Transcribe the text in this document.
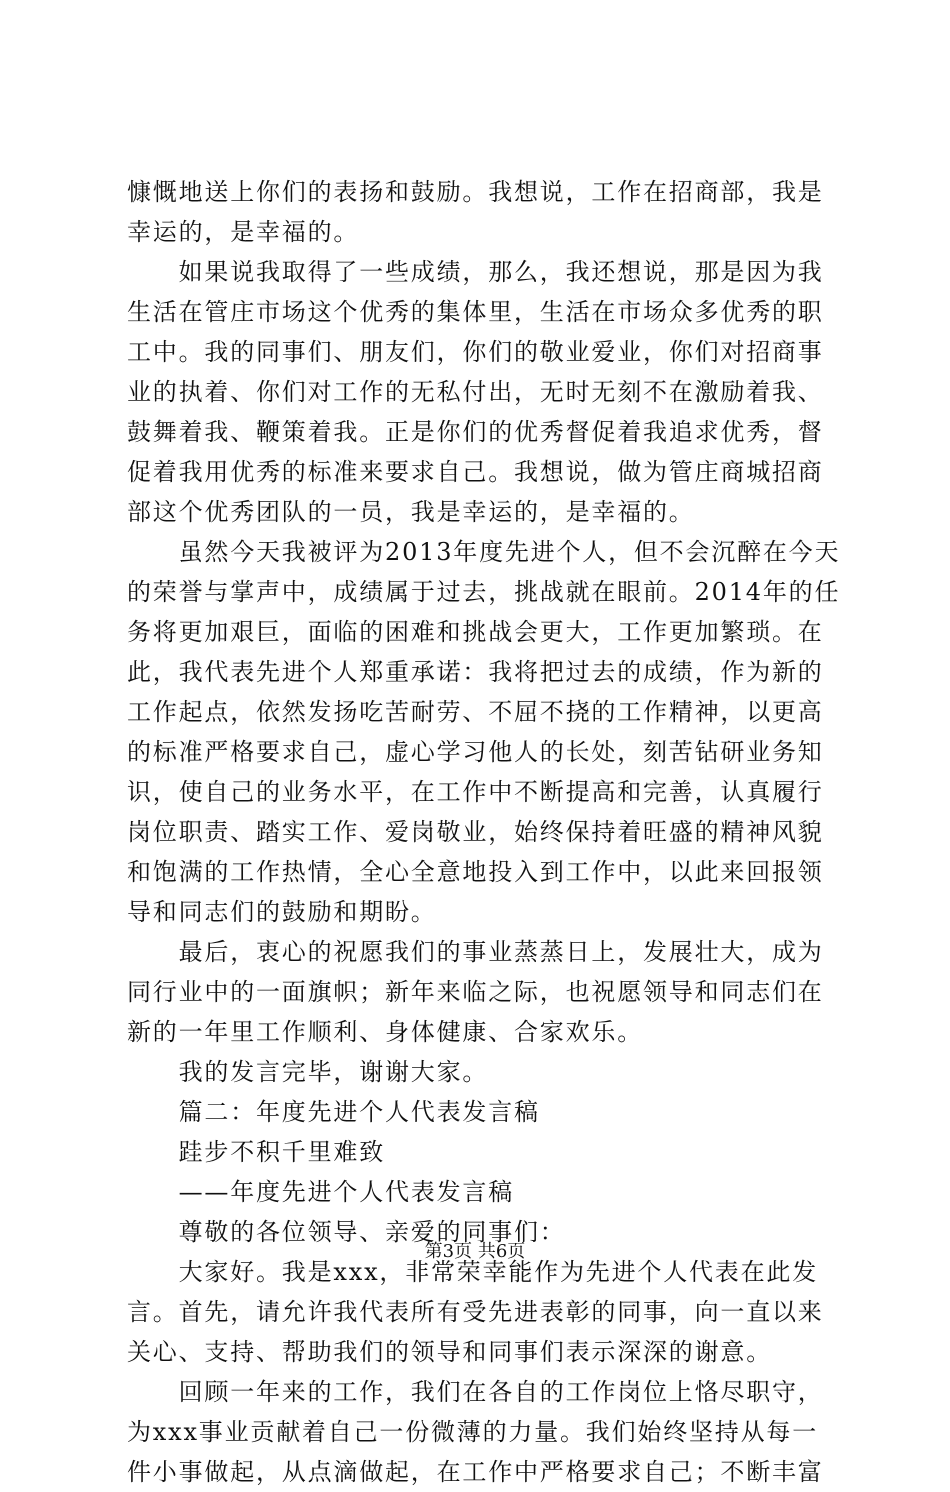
慷慨地送上你们的表扬和鼓励。我想说，工作在招商部，我是
幸运的，是幸福的。
　　如果说我取得了一些成绩，那么，我还想说，那是因为我
生活在管庄市场这个优秀的集体里，生活在市场众多优秀的职
工中。我的同事们、朋友们，你们的敬业爱业，你们对招商事
业的执着、你们对工作的无私付出，无时无刻不在激励着我、
鼓舞着我、鞭策着我。正是你们的优秀督促着我追求优秀，督
促着我用优秀的标准来要求自己。我想说，做为管庄商城招商
部这个优秀团队的一员，我是幸运的，是幸福的。
　　虽然今天我被评为2013年度先进个人，但不会沉醉在今天
的荣誉与掌声中，成绩属于过去，挑战就在眼前。2014年的任
务将更加艰巨，面临的困难和挑战会更大，工作更加繁琐。在
此，我代表先进个人郑重承诺：我将把过去的成绩，作为新的
工作起点，依然发扬吃苦耐劳、不屈不挠的工作精神，以更高
的标准严格要求自己，虚心学习他人的长处，刻苦钻研业务知
识，使自己的业务水平，在工作中不断提高和完善，认真履行
岗位职责、踏实工作、爱岗敬业，始终保持着旺盛的精神风貌
和饱满的工作热情，全心全意地投入到工作中，以此来回报领
导和同志们的鼓励和期盼。
　　最后，衷心的祝愿我们的事业蒸蒸日上，发展壮大，成为
同行业中的一面旗帜；新年来临之际，也祝愿领导和同志们在
新的一年里工作顺利、身体健康、合家欢乐。
　　我的发言完毕，谢谢大家。
　　篇二：年度先进个人代表发言稿
　　跬步不积千里难致
　　——年度先进个人代表发言稿
　　尊敬的各位领导、亲爱的同事们：
　　大家好。我是xxx，非常荣幸能作为先进个人代表在此发
言。首先，请允许我代表所有受先进表彰的同事，向一直以来
关心、支持、帮助我们的领导和同事们表示深深的谢意。
　　回顾一年来的工作，我们在各自的工作岗位上恪尽职守，
为xxx事业贡献着自己一份微薄的力量。我们始终坚持从每一
件小事做起，从点滴做起，在工作中严格要求自己；不断丰富
第3页 共6页
